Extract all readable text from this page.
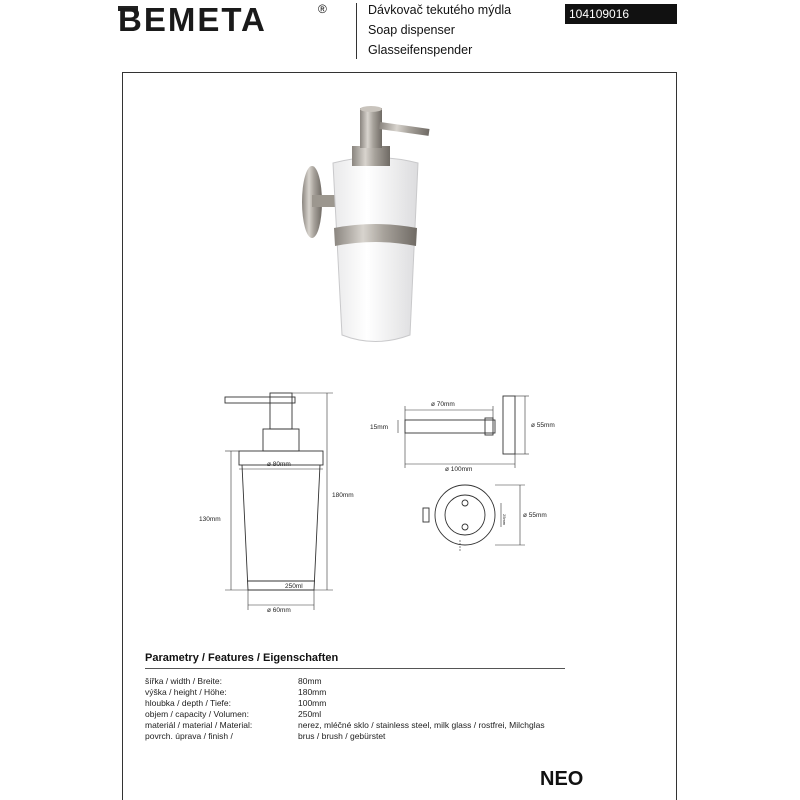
BEMETA	®	Dávkovač tekutého mýdla
Soap dispenser
Glasseifenspender
104109016
ø 80mm
130mm
180mm
250ml
ø 60mm
ø 70mm
15mm	ø 55mm
ø 100mm
ø 55mm
25mm
Parametry / Features / Eigenschaften
šířka / width / Breite:	80mm
výška / height / Höhe:	180mm
hloubka / depth / Tiefe:	100mm
objem / capacity / Volumen:	250ml
materiál / material / Material:	nerez, mléčné sklo / stainless steel, milk glass / rostfrei, Milchglas
povrch. úprava / finish /	brus / brush / gebürstet
NEO
